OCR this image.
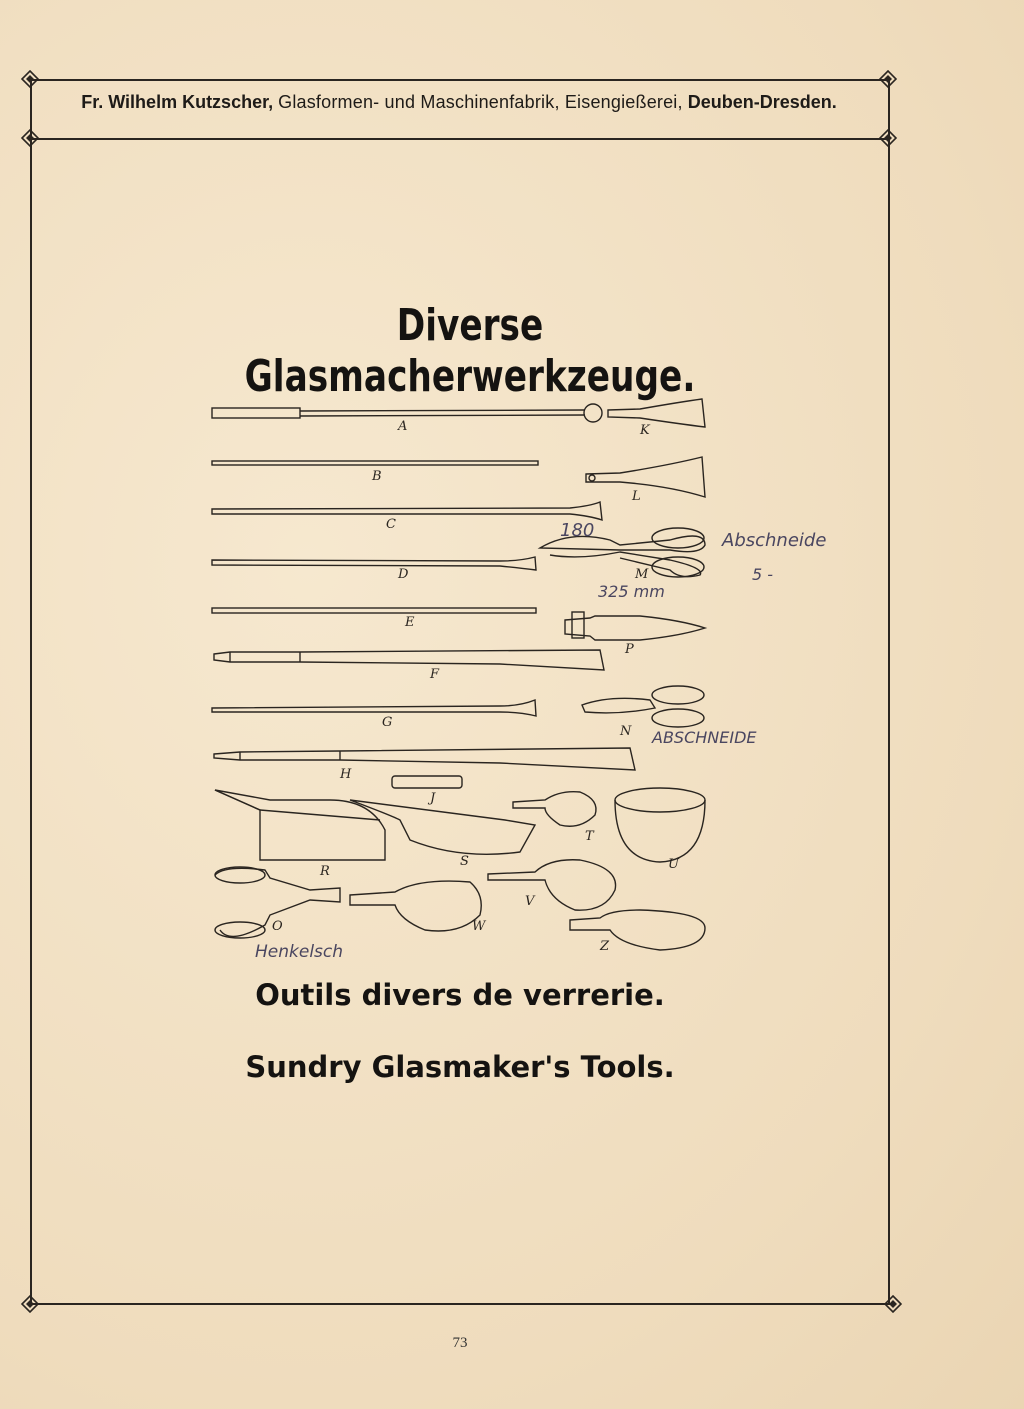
Fr. Wilhelm Kutzscher, Glasformen- und Maschinenfabrik, Eisengießerei, Deuben-Dresden.
Diverse Glasmacherwerkzeuge.
A	K
B
L
C
M
D
E
P
F
N
G
H
J
R
S
T
U
O	W
V
Z
180
325 mm
Abschneide
5 -
ABSCHNEIDE
Henkelsch
Outils divers de verrerie.
Sundry Glasmaker's Tools.
73
